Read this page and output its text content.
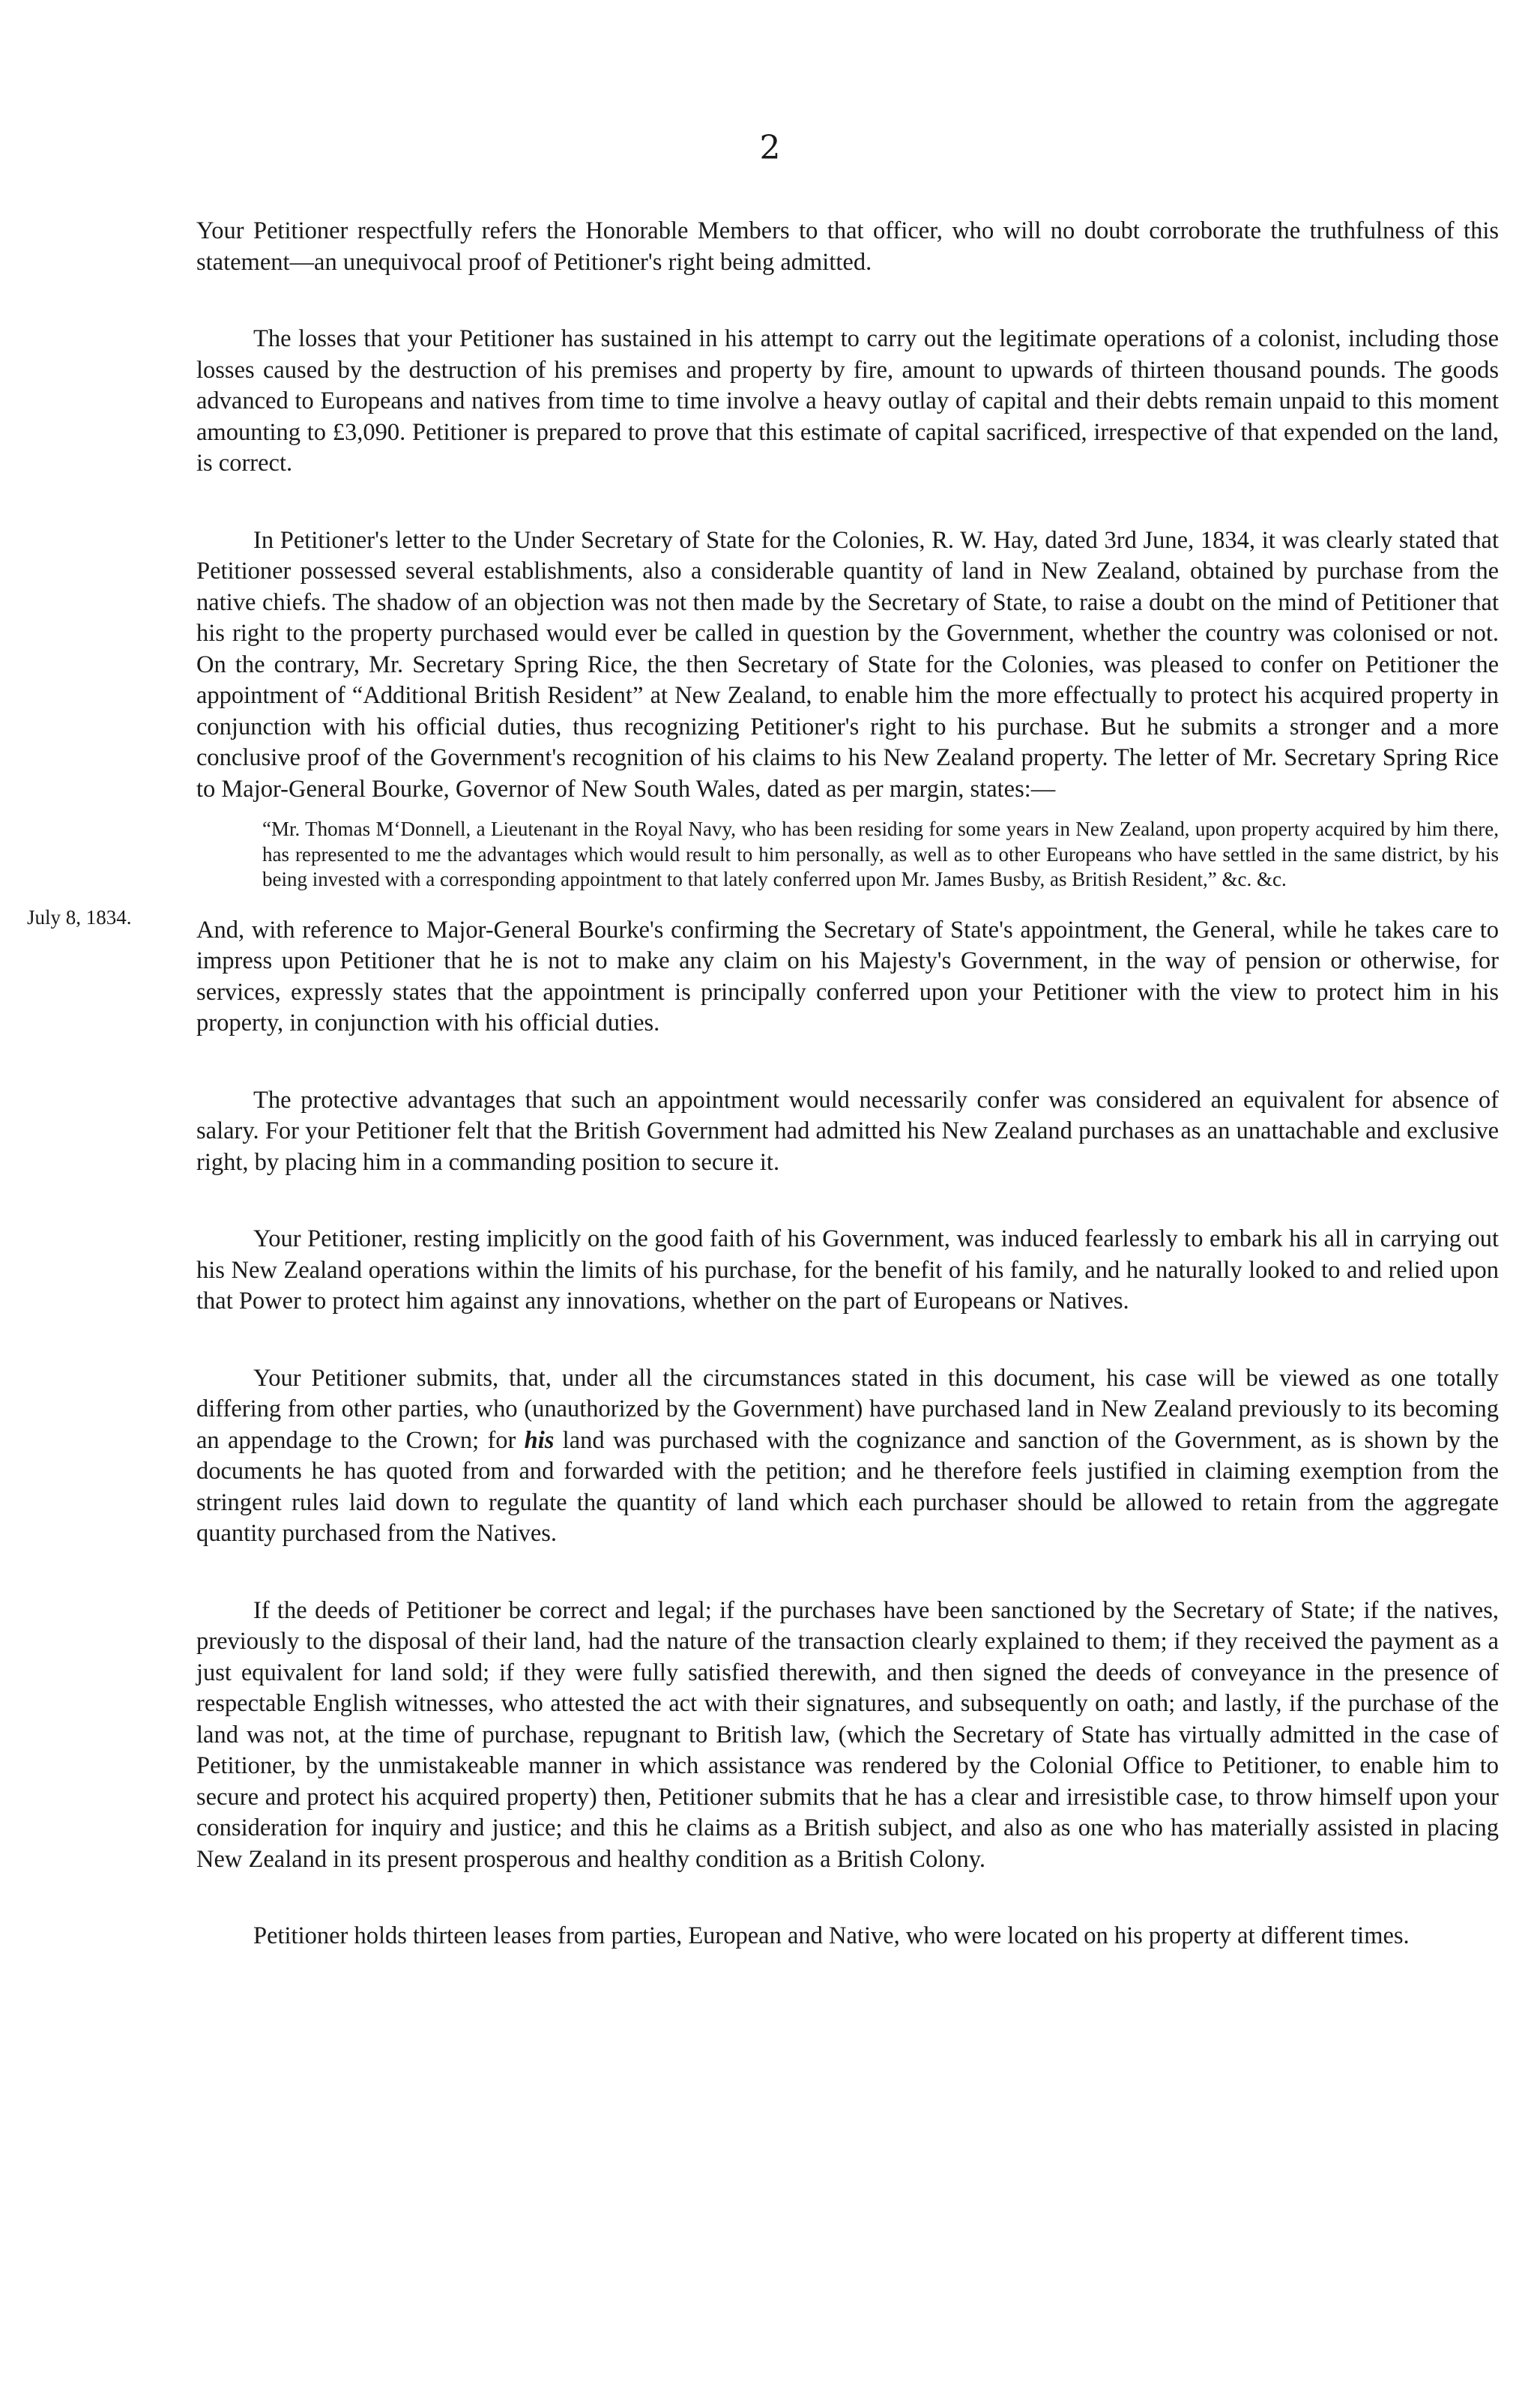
2
July 8, 1834.

Your Petitioner respectfully refers the Honorable Members to that officer, who will no doubt corroborate the truthfulness of this statement—an unequivocal proof of Petitioner's right being admitted.

The losses that your Petitioner has sustained in his attempt to carry out the legitimate operations of a colonist, including those losses caused by the destruction of his premises and property by fire, amount to upwards of thirteen thousand pounds. The goods advanced to Europeans and natives from time to time involve a heavy outlay of capital and their debts remain unpaid to this moment amounting to £3,090. Petitioner is prepared to prove that this estimate of capital sacrificed, irrespective of that expended on the land, is correct.

In Petitioner's letter to the Under Secretary of State for the Colonies, R. W. Hay, dated 3rd June, 1834, it was clearly stated that Petitioner possessed several establishments, also a considerable quantity of land in New Zealand, obtained by purchase from the native chiefs. The shadow of an objection was not then made by the Secretary of State, to raise a doubt on the mind of Petitioner that his right to the property purchased would ever be called in question by the Government, whether the country was colonised or not. On the contrary, Mr. Secretary Spring Rice, the then Secretary of State for the Colonies, was pleased to confer on Petitioner the appointment of “Additional British Resident” at New Zealand, to enable him the more effectually to protect his acquired property in conjunction with his official duties, thus recognizing Petitioner's right to his purchase. But he submits a stronger and a more conclusive proof of the Government's recognition of his claims to his New Zealand property. The letter of Mr. Secretary Spring Rice to Major-General Bourke, Governor of New South Wales, dated as per margin, states:—

“Mr. Thomas M‘Donnell, a Lieutenant in the Royal Navy, who has been residing for some years in New Zealand, upon property acquired by him there, has represented to me the advantages which would result to him personally, as well as to other Europeans who have settled in the same district, by his being invested with a corresponding appointment to that lately conferred upon Mr. James Busby, as British Resident,” &c. &c.

And, with reference to Major-General Bourke's confirming the Secretary of State's appointment, the General, while he takes care to impress upon Petitioner that he is not to make any claim on his Majesty's Government, in the way of pension or otherwise, for services, expressly states that the appointment is principally conferred upon your Petitioner with the view to protect him in his property, in conjunction with his official duties.

The protective advantages that such an appointment would necessarily confer was considered an equivalent for absence of salary. For your Petitioner felt that the British Government had admitted his New Zealand purchases as an unattachable and exclusive right, by placing him in a commanding position to secure it.

Your Petitioner, resting implicitly on the good faith of his Government, was induced fearlessly to embark his all in carrying out his New Zealand operations within the limits of his purchase, for the benefit of his family, and he naturally looked to and relied upon that Power to protect him against any innovations, whether on the part of Europeans or Natives.

Your Petitioner submits, that, under all the circumstances stated in this document, his case will be viewed as one totally differing from other parties, who (unauthorized by the Government) have purchased land in New Zealand previously to its becoming an appendage to the Crown; for his land was purchased with the cognizance and sanction of the Government, as is shown by the documents he has quoted from and forwarded with the petition; and he therefore feels justified in claiming exemption from the stringent rules laid down to regulate the quantity of land which each purchaser should be allowed to retain from the aggregate quantity purchased from the Natives.

If the deeds of Petitioner be correct and legal; if the purchases have been sanctioned by the Secretary of State; if the natives, previously to the disposal of their land, had the nature of the transaction clearly explained to them; if they received the payment as a just equivalent for land sold; if they were fully satisfied therewith, and then signed the deeds of conveyance in the presence of respectable English witnesses, who attested the act with their signatures, and subsequently on oath; and lastly, if the purchase of the land was not, at the time of purchase, repugnant to British law, (which the Secretary of State has virtually admitted in the case of Petitioner, by the unmistakeable manner in which assistance was rendered by the Colonial Office to Petitioner, to enable him to secure and protect his acquired property) then, Petitioner submits that he has a clear and irresistible case, to throw himself upon your consideration for inquiry and justice; and this he claims as a British subject, and also as one who has materially assisted in placing New Zealand in its present prosperous and healthy condition as a British Colony.

Petitioner holds thirteen leases from parties, European and Native, who were located on his property at different times.
